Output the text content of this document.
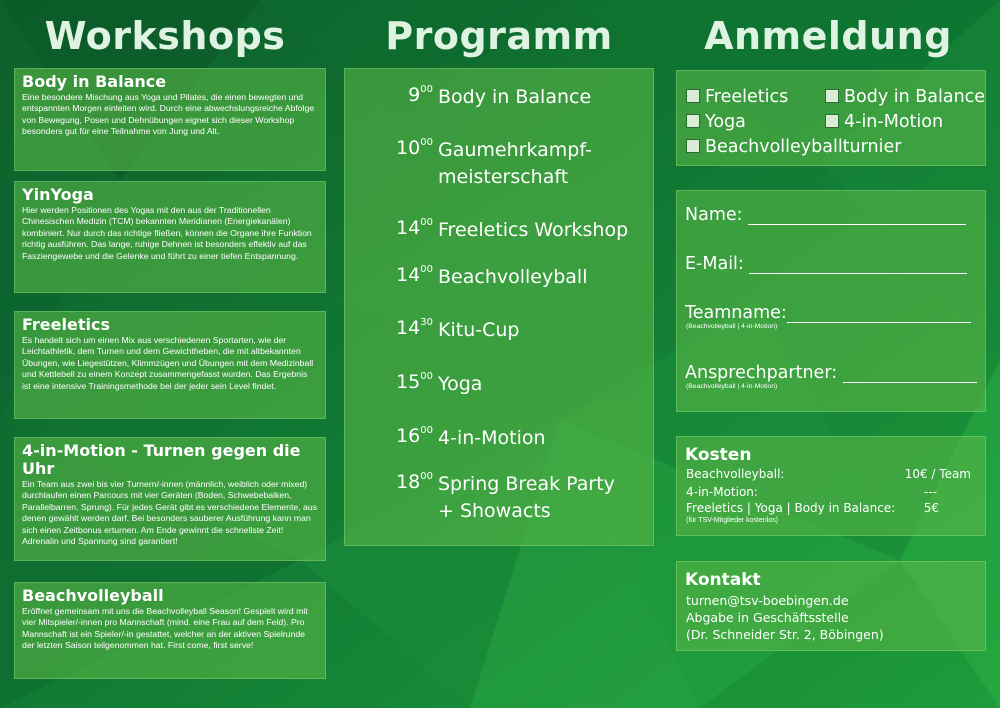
Workshops	Programm	Anmeldung
Body in Balance

Eine besondere Mischung aus Yoga und Pilates, die einen bewegten und entspannten Morgen einleiten wird. Durch eine abwechslungsreiche Abfolge von Bewegung, Posen und Dehnübungen eignet sich dieser Workshop besonders gut für eine Teilnahme von Jung und Alt.

YinYoga

Hier werden Positionen des Yogas mit den aus der Traditionellen Chinesischen Medizin (TCM) bekannten Meridianen (Energiekanälen) kombiniert. Nur durch das richtige fließen, können die Organe ihre Funktion richtig ausführen. Das lange, ruhige Dehnen ist besonders effektiv auf das Fasziengewebe und die Gelenke und führt zu einer tiefen Entspannung.

Freeletics

Es handelt sich um einen Mix aus verschiedenen Sportarten, wie der Leichtathletik, dem Turnen und dem Gewichtheben, die mit altbekannten Übungen, wie Liegestützen, Klimmzügen und Übungen mit dem Medizinball und Kettlebell zu einem Konzept zusammengefasst wurden. Das Ergebnis ist eine intensive Trainingsmethode bei der jeder sein Level findet.

4-in-Motion - Turnen gegen die Uhr

Ein Team aus zwei bis vier Turnern/-innen (männlich, weiblich oder mixed) durchlaufen einen Parcours mit vier Geräten (Boden, Schwebebalken, Parallelbarren, Sprung). Für jedes Gerät gibt es verschiedene Elemente, aus denen gewählt werden darf. Bei besonders sauberer Ausführung kann man sich einen Zeitbonus erturnen. Am Ende gewinnt die schnellste Zeit! Adrenalin und Spannung sind garantiert!

Beachvolleyball

Eröffnet gemeinsam mit uns die Beachvolleyball Season! Gespielt wird mit vier Mitspieler/-innen pro Mannschaft (mind. eine Frau auf dem Feld). Pro Mannschaft ist ein Spieler/-in gestattet, welcher an der aktiven Spielrunde der letzten Saison teilgenommen hat. First come, first serve!

$9^{00}$ Body in Balance
$10^{00}$ Gaumehrkampf-meisterschaft
$14^{00}$ Freeletics Workshop
$14^{00}$ Beachvolleyball
$14^{30}$ Kitu-Cup
$15^{00}$ Yoga
$16^{00}$ 4-in-Motion
$18^{00}$ Spring Break Party + Showacts
Freeletics	Body in Balance
Yoga	4-in-Motion
Beachvolleyballturnier
Name:
E-Mail:
Teamname:
(Beachvolleyball | 4-in-Motion)
Ansprechpartner:
(Beachvolleyball | 4-in-Motion)
Kosten
Beachvolleyball:	10€ / Team
4-in-Motion:	---
Freeletics | Yoga | Body in Balance: 5€
(für TSV-Mitglieder kostenlos)
Kontakt
turnen@tsv-boebingen.de
Abgabe in Geschäftsstelle
(Dr. Schneider Str. 2, Böbingen)
